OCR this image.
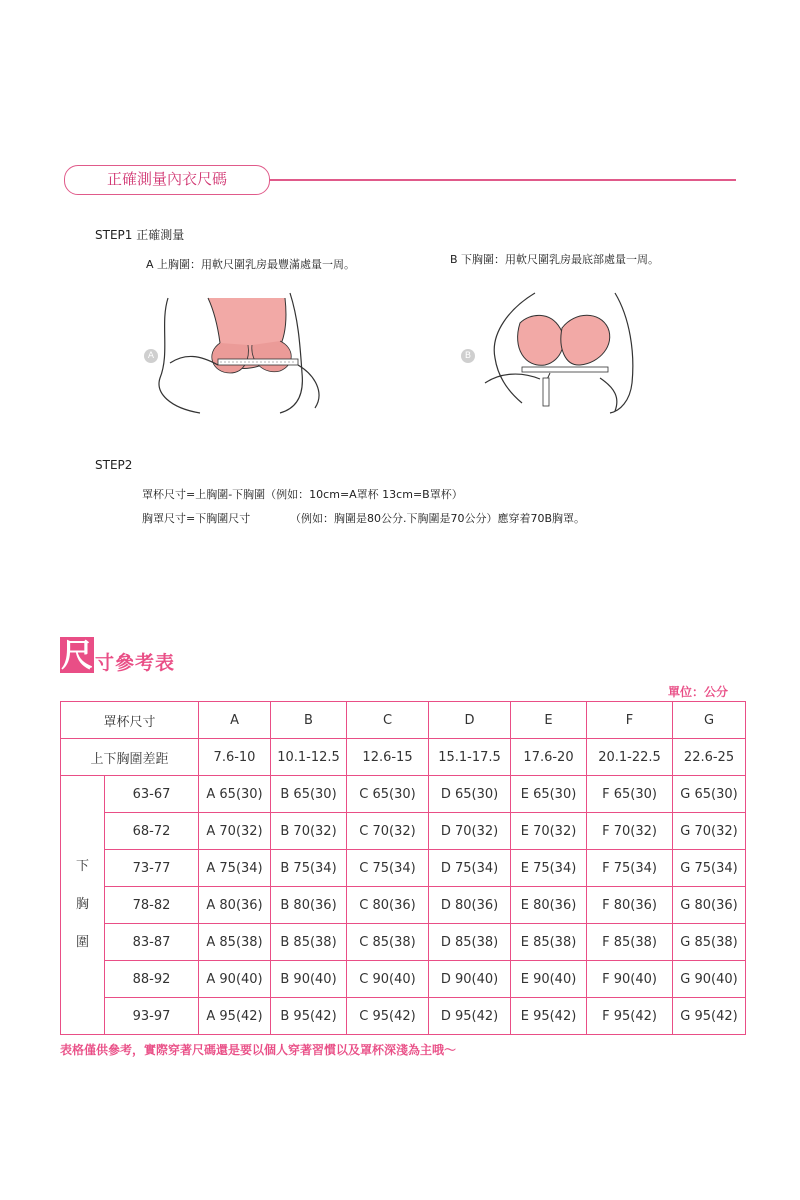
正確測量內衣尺碼
STEP1 正確測量
A 上胸圍：用軟尺圍乳房最豐滿處量一周。	B 下胸圍：用軟尺圍乳房最底部處量一周。
A	B
STEP2
罩杯尺寸=上胸圍-下胸圍（例如：10cm=A罩杯 13cm=B罩杯）
胸罩尺寸=下胸圍尺寸	（例如：胸圍是80公分.下胸圍是70公分）應穿着70B胸罩。
尺 寸參考表
單位：公分
罩杯尺寸		A	B	C	D	E	F	G
上下胸圍差距		7.6-10	10.1-12.5	12.6-15	15.1-17.5	17.6-20	20.1-22.5	22.6-25
下
胸
圍	63-67	A 65(30)	B 65(30)	C 65(30)	D 65(30)	E 65(30)	F 65(30)	G 65(30)
	68-72	A 70(32)	B 70(32)	C 70(32)	D 70(32)	E 70(32)	F 70(32)	G 70(32)
	73-77	A 75(34)	B 75(34)	C 75(34)	D 75(34)	E 75(34)	F 75(34)	G 75(34)
	78-82	A 80(36)	B 80(36)	C 80(36)	D 80(36)	E 80(36)	F 80(36)	G 80(36)
	83-87	A 85(38)	B 85(38)	C 85(38)	D 85(38)	E 85(38)	F 85(38)	G 85(38)
	88-92	A 90(40)	B 90(40)	C 90(40)	D 90(40)	E 90(40)	F 90(40)	G 90(40)
	93-97	A 95(42)	B 95(42)	C 95(42)	D 95(42)	E 95(42)	F 95(42)	G 95(42)
表格僅供參考，實際穿著尺碼還是要以個人穿著習慣以及罩杯深淺為主哦～
